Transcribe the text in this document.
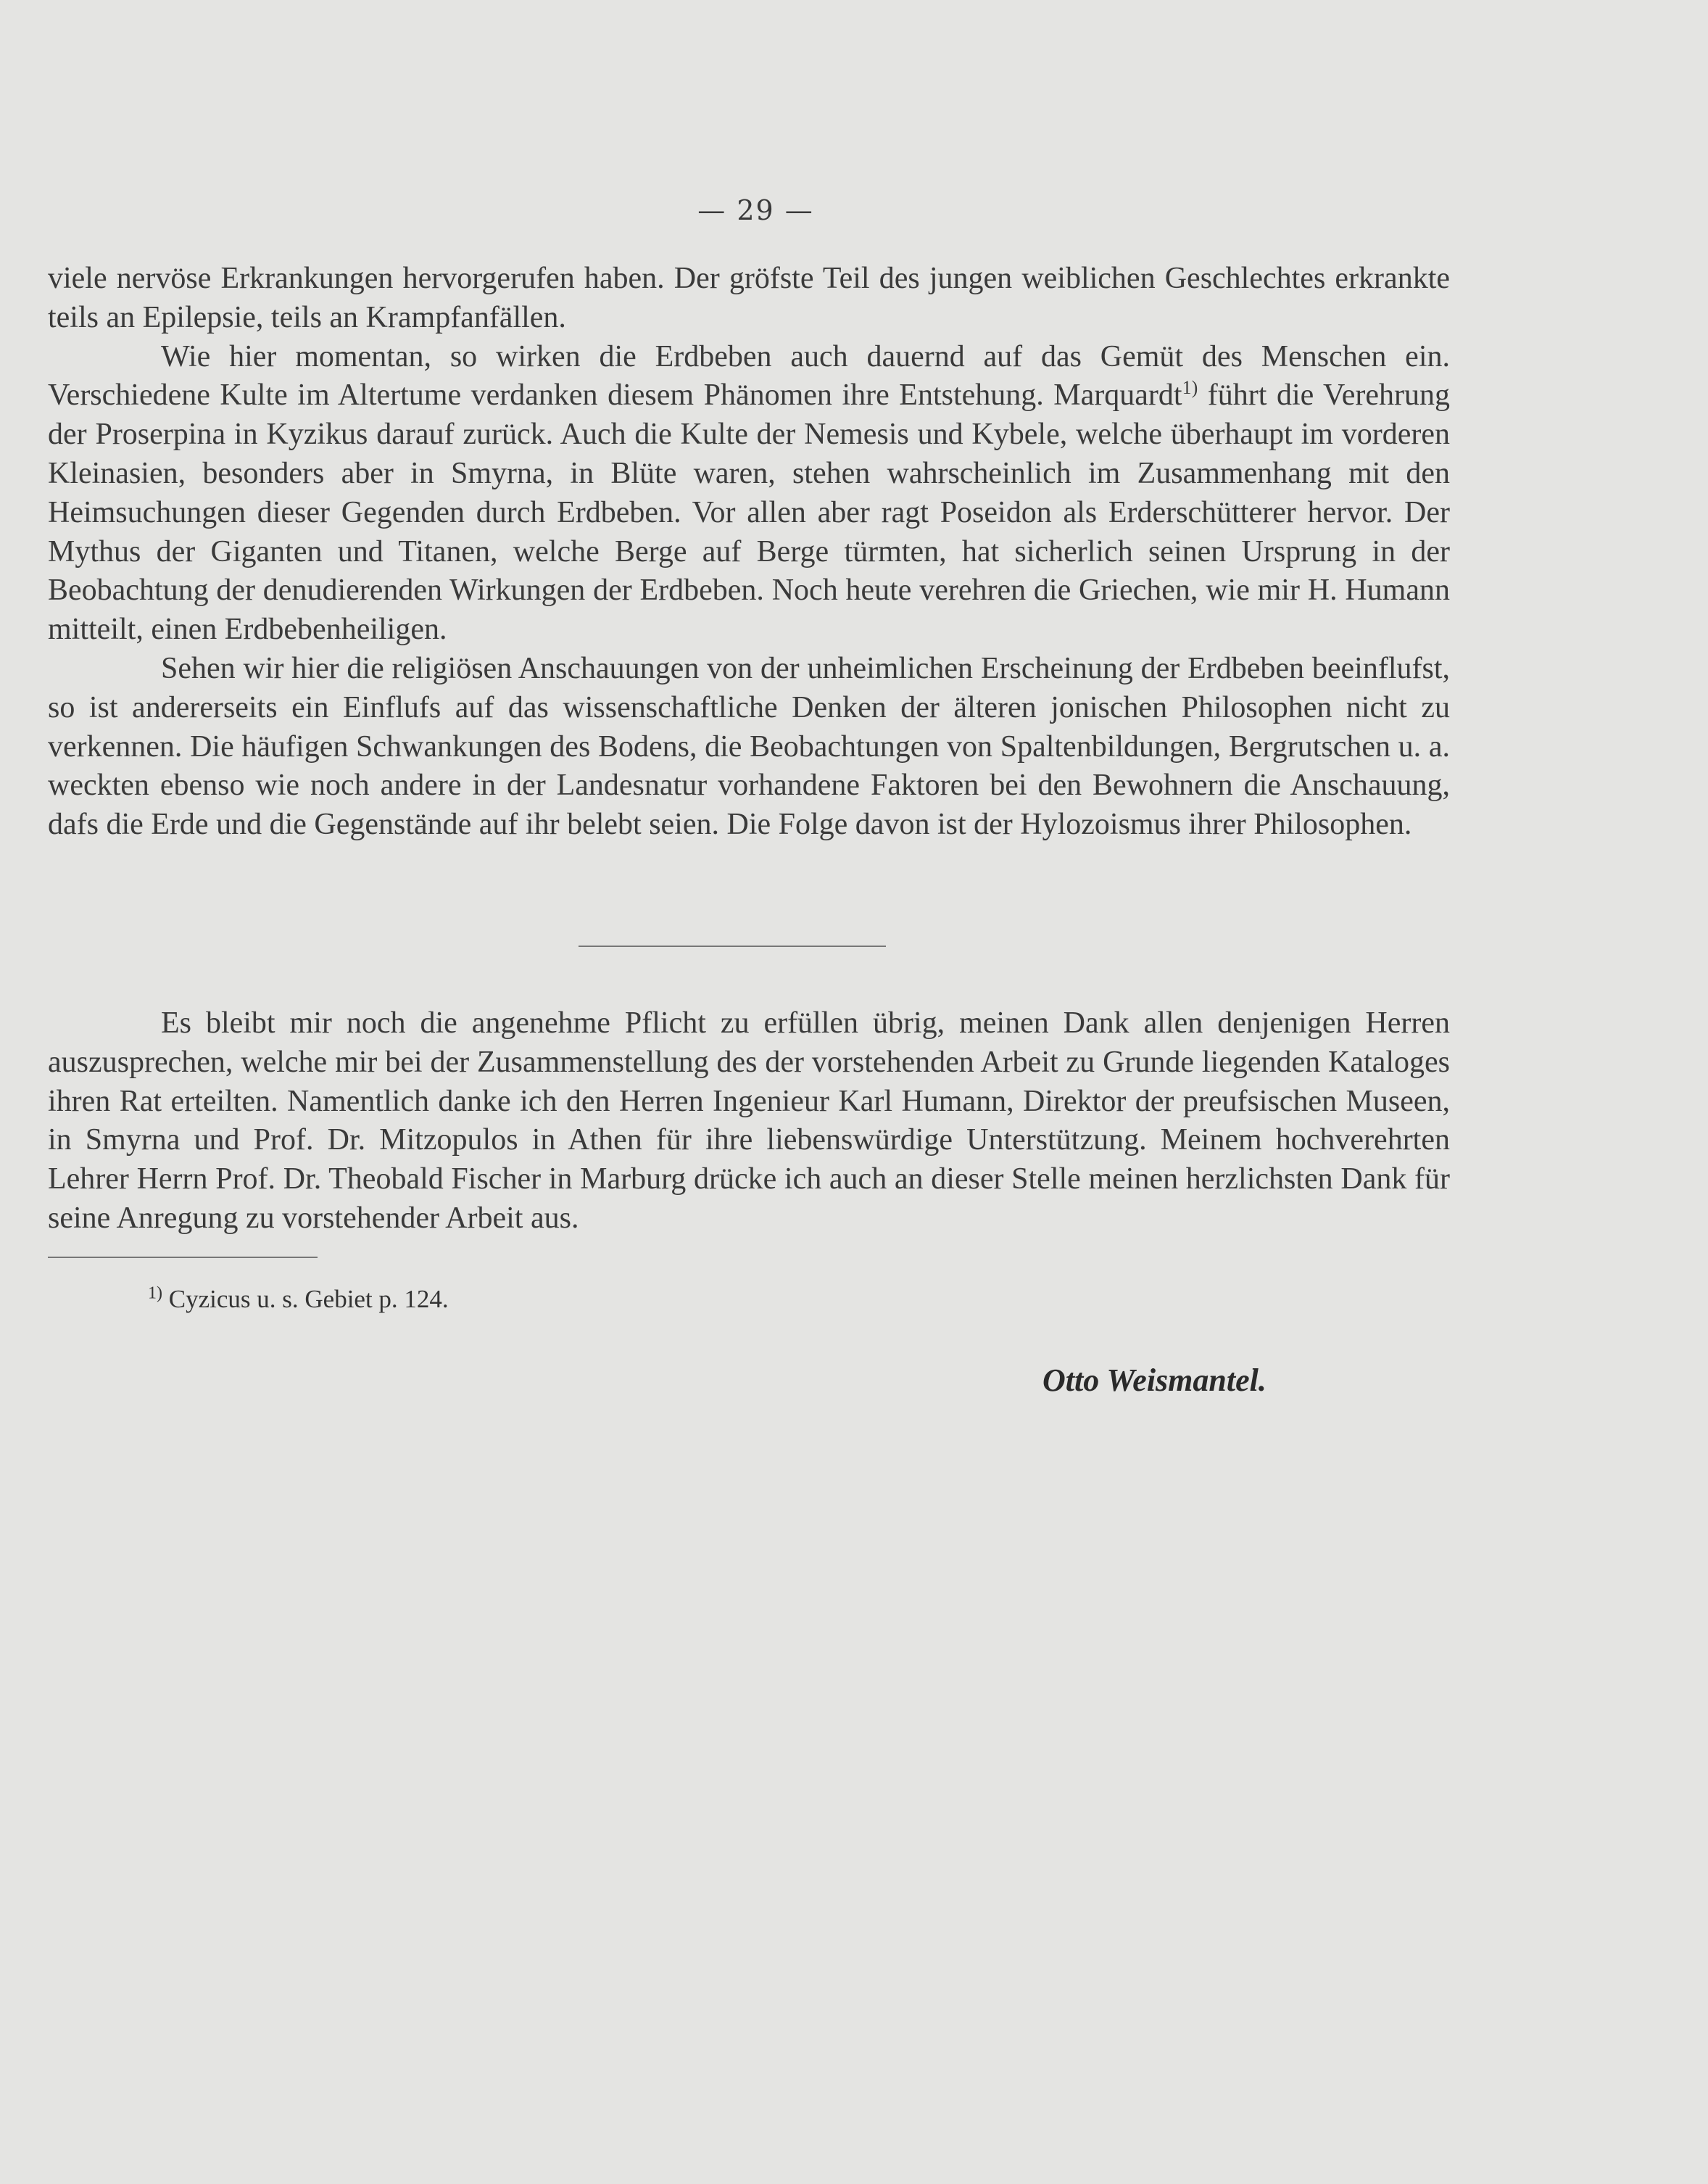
— 29 —

viele nervöse Erkrankungen hervorgerufen haben. Der gröfste Teil des jungen weiblichen Geschlechtes erkrankte teils an Epilepsie, teils an Krampfanfällen.

Wie hier momentan, so wirken die Erdbeben auch dauernd auf das Gemüt des Menschen ein. Verschiedene Kulte im Altertume verdanken diesem Phänomen ihre Entstehung. Marquardt$^{1)}$ führt die Verehrung der Proserpina in Kyzikus darauf zurück. Auch die Kulte der Nemesis und Kybele, welche überhaupt im vorderen Kleinasien, besonders aber in Smyrna, in Blüte waren, stehen wahrscheinlich im Zusammenhang mit den Heimsuchungen dieser Gegenden durch Erdbeben. Vor allen aber ragt Poseidon als Erderschütterer hervor. Der Mythus der Giganten und Titanen, welche Berge auf Berge türmten, hat sicherlich seinen Ursprung in der Beobachtung der denudierenden Wirkungen der Erdbeben. Noch heute verehren die Griechen, wie mir H. Humann mitteilt, einen Erdbebenheiligen.

Sehen wir hier die religiösen Anschauungen von der unheimlichen Erscheinung der Erdbeben beeinflufst, so ist andererseits ein Einflufs auf das wissenschaftliche Denken der älteren jonischen Philosophen nicht zu verkennen. Die häufigen Schwankungen des Bodens, die Beobachtungen von Spaltenbildungen, Bergrutschen u. a. weckten ebenso wie noch andere in der Landesnatur vorhandene Faktoren bei den Bewohnern die Anschauung, dafs die Erde und die Gegenstände auf ihr belebt seien. Die Folge davon ist der Hylozoismus ihrer Philosophen.

Es bleibt mir noch die angenehme Pflicht zu erfüllen übrig, meinen Dank allen denjenigen Herren auszusprechen, welche mir bei der Zusammenstellung des der vorstehenden Arbeit zu Grunde liegenden Kataloges ihren Rat erteilten. Namentlich danke ich den Herren Ingenieur Karl Humann, Direktor der preufsischen Museen, in Smyrna und Prof. Dr. Mitzopulos in Athen für ihre liebenswürdige Unterstützung. Meinem hochverehrten Lehrer Herrn Prof. Dr. Theobald Fischer in Marburg drücke ich auch an dieser Stelle meinen herzlichsten Dank für seine Anregung zu vorstehender Arbeit aus.

$^{1)}$ Cyzicus u. s. Gebiet p. 124.
Otto Weismantel.
